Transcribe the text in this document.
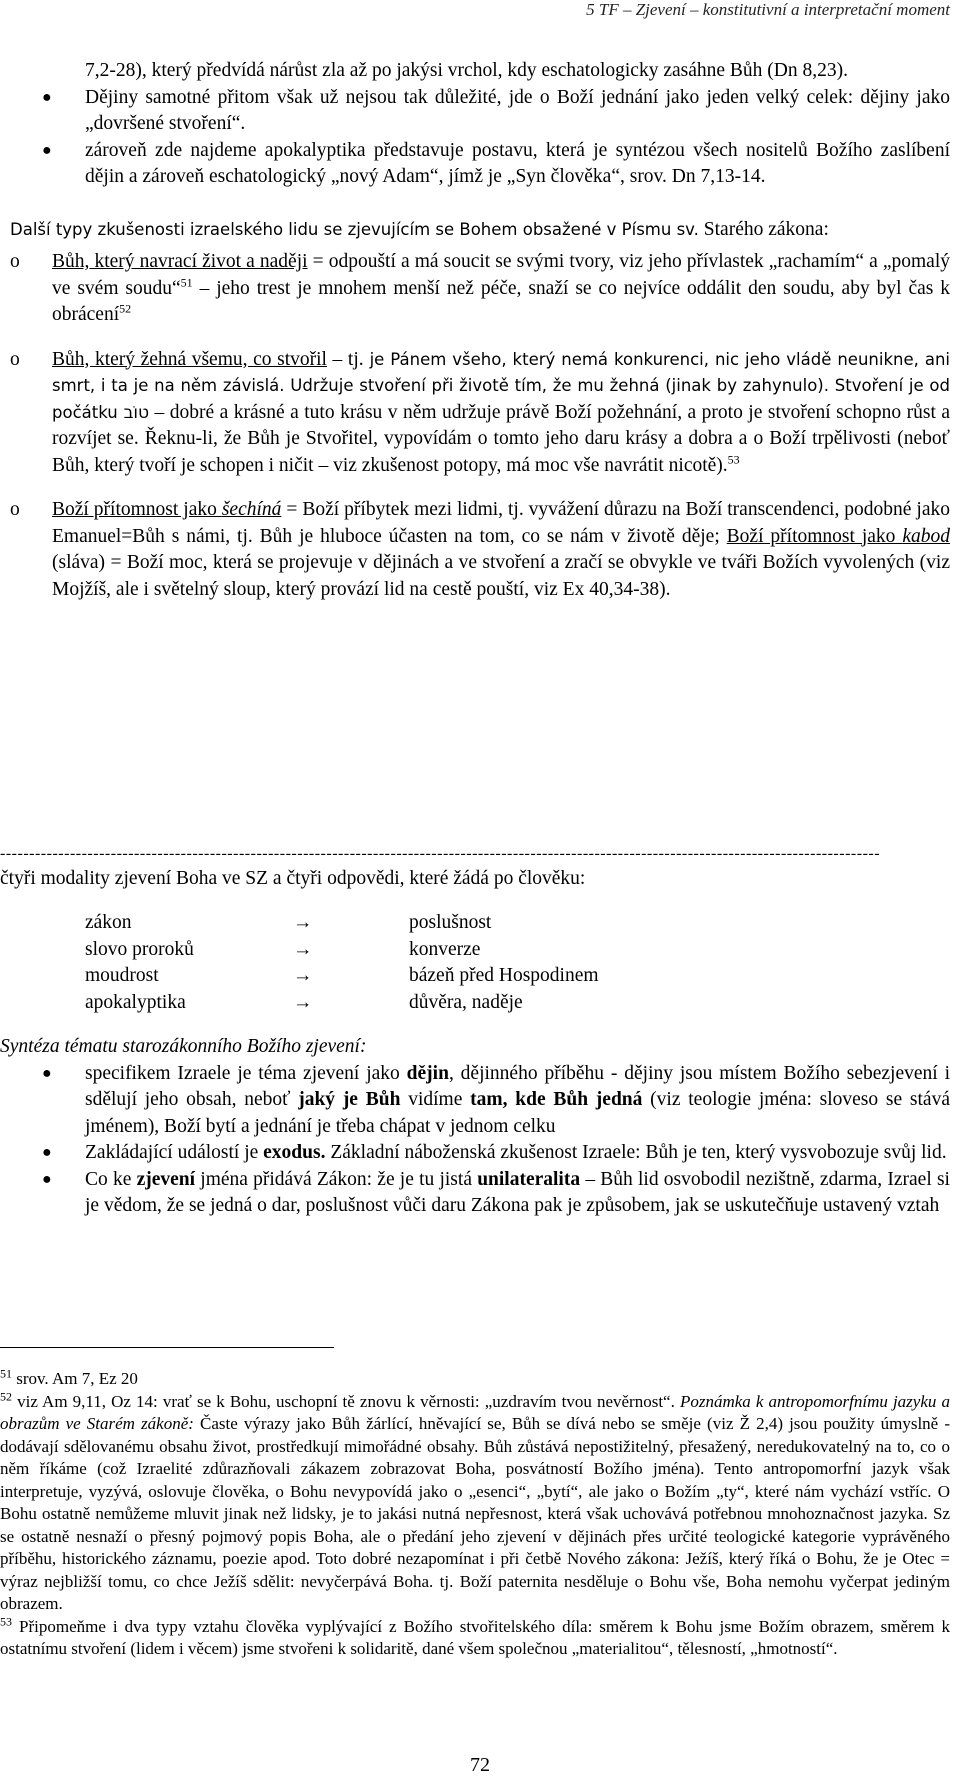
5 TF – Zjevení – konstitutivní a interpretační moment

7,2-28), který předvídá nárůst zla až po jakýsi vrchol, kdy eschatologicky zasáhne Bůh (Dn 8,23).

● Dějiny samotné přitom však už nejsou tak důležité, jde o Boží jednání jako jeden velký celek: dějiny jako „dovršené stvoření“.

● zároveň zde najdeme apokalyptika představuje postavu, která je syntézou všech nositelů Božího zaslíbení dějin a zároveň eschatologický „nový Adam“, jímž je „Syn člověka“, srov. Dn 7,13-14.

Další typy zkušenosti izraelského lidu se zjevujícím se Bohem obsažené v Písmu sv. Starého zákona:

o Bůh, který navrací život a naději = odpouští a má soucit se svými tvory, viz jeho přívlastek „rachamím“ a „pomalý ve svém soudu“$^{51}$ – jeho trest je mnohem menší než péče, snaží se co nejvíce oddálit den soudu, aby byl čas k obrácení$^{52}$

o Bůh, který žehná všemu, co stvořil – tj. je Pánem všeho, který nemá konkurenci, nic jeho vládě neunikne, ani smrt, i ta je na něm závislá. Udržuje stvoření při životě tím, že mu žehná (jinak by zahynulo). Stvoření je od počátku טוֹב – dobré a krásné a tuto krásu v něm udržuje právě Boží požehnání, a proto je stvoření schopno růst a rozvíjet se. Řeknu-li, že Bůh je Stvořitel, vypovídám o tomto jeho daru krásy a dobra a o Boží trpělivosti (neboť Bůh, který tvoří je schopen i ničit – viz zkušenost potopy, má moc vše navrátit nicotě).$^{53}$

o Boží přítomnost jako šechíná = Boží příbytek mezi lidmi, tj. vyvážení důrazu na Boží transcendenci, podobné jako Emanuel=Bůh s námi, tj. Bůh je hluboce účasten na tom, co se nám v životě děje; Boží přítomnost jako kabod (sláva) = Boží moc, která se projevuje v dějinách a ve stvoření a zračí se obvykle ve tváři Božích vyvolených (viz Mojžíš, ale i světelný sloup, který provází lid na cestě pouští, viz Ex 40,34-38).

-------------------------------------------------------------------------------------------------------------------------------------------------------

čtyři modality zjevení Boha ve SZ a čtyři odpovědi, které žádá po člověku:

zákon	→	poslušnost
slovo proroků	→	konverze
moudrost	→	bázeň před Hospodinem
apokalyptika	→	důvěra, naděje

Syntéza tématu starozákonního Božího zjevení:

● specifikem Izraele je téma zjevení jako dějin, dějinného příběhu - dějiny jsou místem Božího sebezjevení i sdělují jeho obsah, neboť jaký je Bůh vidíme tam, kde Bůh jedná (viz teologie jména: sloveso se stává jménem), Boží bytí a jednání je třeba chápat v jednom celku

● Zakládající událostí je exodus. Základní náboženská zkušenost Izraele: Bůh je ten, který vysvobozuje svůj lid.

● Co ke zjevení jména přidává Zákon: že je tu jistá unilateralita – Bůh lid osvobodil nezištně, zdarma, Izrael si je vědom, že se jedná o dar, poslušnost vůči daru Zákona pak je způsobem, jak se uskutečňuje ustavený vztah

$^{51}$ srov. Am 7, Ez 20

$^{52}$ viz Am 9,11, Oz 14: vrať se k Bohu, uschopní tě znovu k věrnosti: „uzdravím tvou nevěrnost“. Poznámka k antropomorfnímu jazyku a obrazům ve Starém zákoně: Časte výrazy jako Bůh žárlící, hněvající se, Bůh se dívá nebo se směje (viz Ž 2,4) jsou použity úmyslně - dodávají sdělovanému obsahu život, prostředkují mimořádné obsahy. Bůh zůstává nepostižitelný, přesažený, neredukovatelný na to, co o něm říkáme (což Izraelité zdůrazňovali zákazem zobrazovat Boha, posvátností Božího jména). Tento antropomorfní jazyk však interpretuje, vyzývá, oslovuje člověka, o Bohu nevypovídá jako o „esenci“, „bytí“, ale jako o Božím „ty“, které nám vychází vstříc. O Bohu ostatně nemůžeme mluvit jinak než lidsky, je to jakási nutná nepřesnost, která však uchovává potřebnou mnohoznačnost jazyka. Sz se ostatně nesnaží o přesný pojmový popis Boha, ale o předání jeho zjevení v dějinách přes určité teologické kategorie vyprávěného příběhu, historického záznamu, poezie apod. Toto dobré nezapomínat i při četbě Nového zákona: Ježíš, který říká o Bohu, že je Otec = výraz nejbližší tomu, co chce Ježíš sdělit: nevyčerpává Boha. tj. Boží paternita nesděluje o Bohu vše, Boha nemohu vyčerpat jediným obrazem.

$^{53}$ Připomeňme i dva typy vztahu člověka vyplývající z Božího stvořitelského díla: směrem k Bohu jsme Božím obrazem, směrem k ostatnímu stvoření (lidem i věcem) jsme stvořeni k solidaritě, dané všem společnou „materialitou“, tělesností, „hmotností“.

72
